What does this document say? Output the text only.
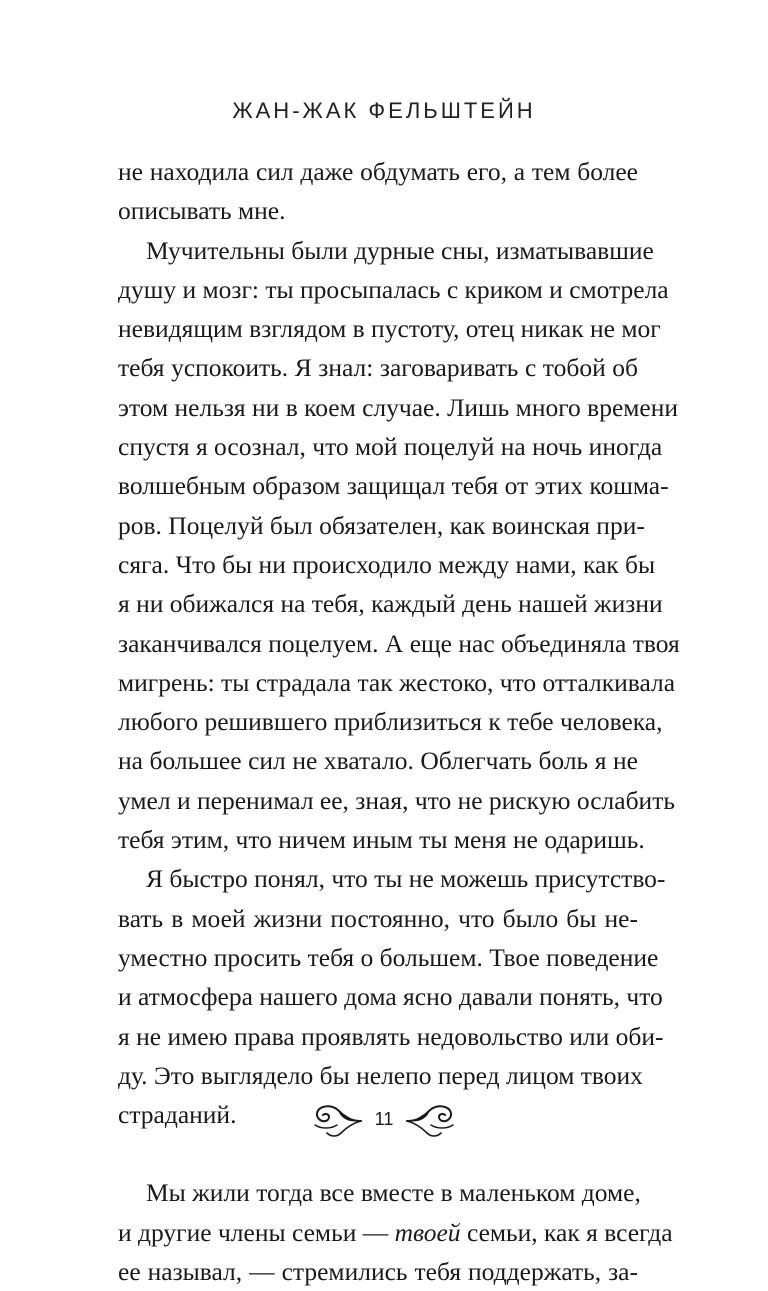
ЖАН-ЖАК ФЕЛЬШТЕЙН
не находила сил даже обдумать его, а тем более
описывать мне.
Мучительны были дурные сны, изматывавшие
душу и мозг: ты просыпалась с криком и смотрела
невидящим взглядом в пустоту, отец никак не мог
тебя успокоить. Я знал: заговаривать с тобой об
этом нельзя ни в коем случае. Лишь много времени
спустя я осознал, что мой поцелуй на ночь иногда
волшебным образом защищал тебя от этих кошма-
ров. Поцелуй был обязателен, как воинская при-
сяга. Что бы ни происходило между нами, как бы
я ни обижался на тебя, каждый день нашей жизни
заканчивался поцелуем. А еще нас объединяла твоя
мигрень: ты страдала так жестоко, что отталкивала
любого решившего приблизиться к тебе человека,
на большее сил не хватало. Облегчать боль я не
умел и перенимал ее, зная, что не рискую ослабить
тебя этим, что ничем иным ты меня не одаришь.
Я быстро понял, что ты не можешь присутство-
вать в моей жизни постоянно, что было бы не-
уместно просить тебя о большем. Твое поведение
и атмосфера нашего дома ясно давали понять, что
я не имею права проявлять недовольство или оби-
ду. Это выглядело бы нелепо перед лицом твоих
страданий.
Мы жили тогда все вместе в маленьком доме,
и другие члены семьи — твоей семьи, как я всегда
ее называл, — стремились тебя поддержать, за-
11
